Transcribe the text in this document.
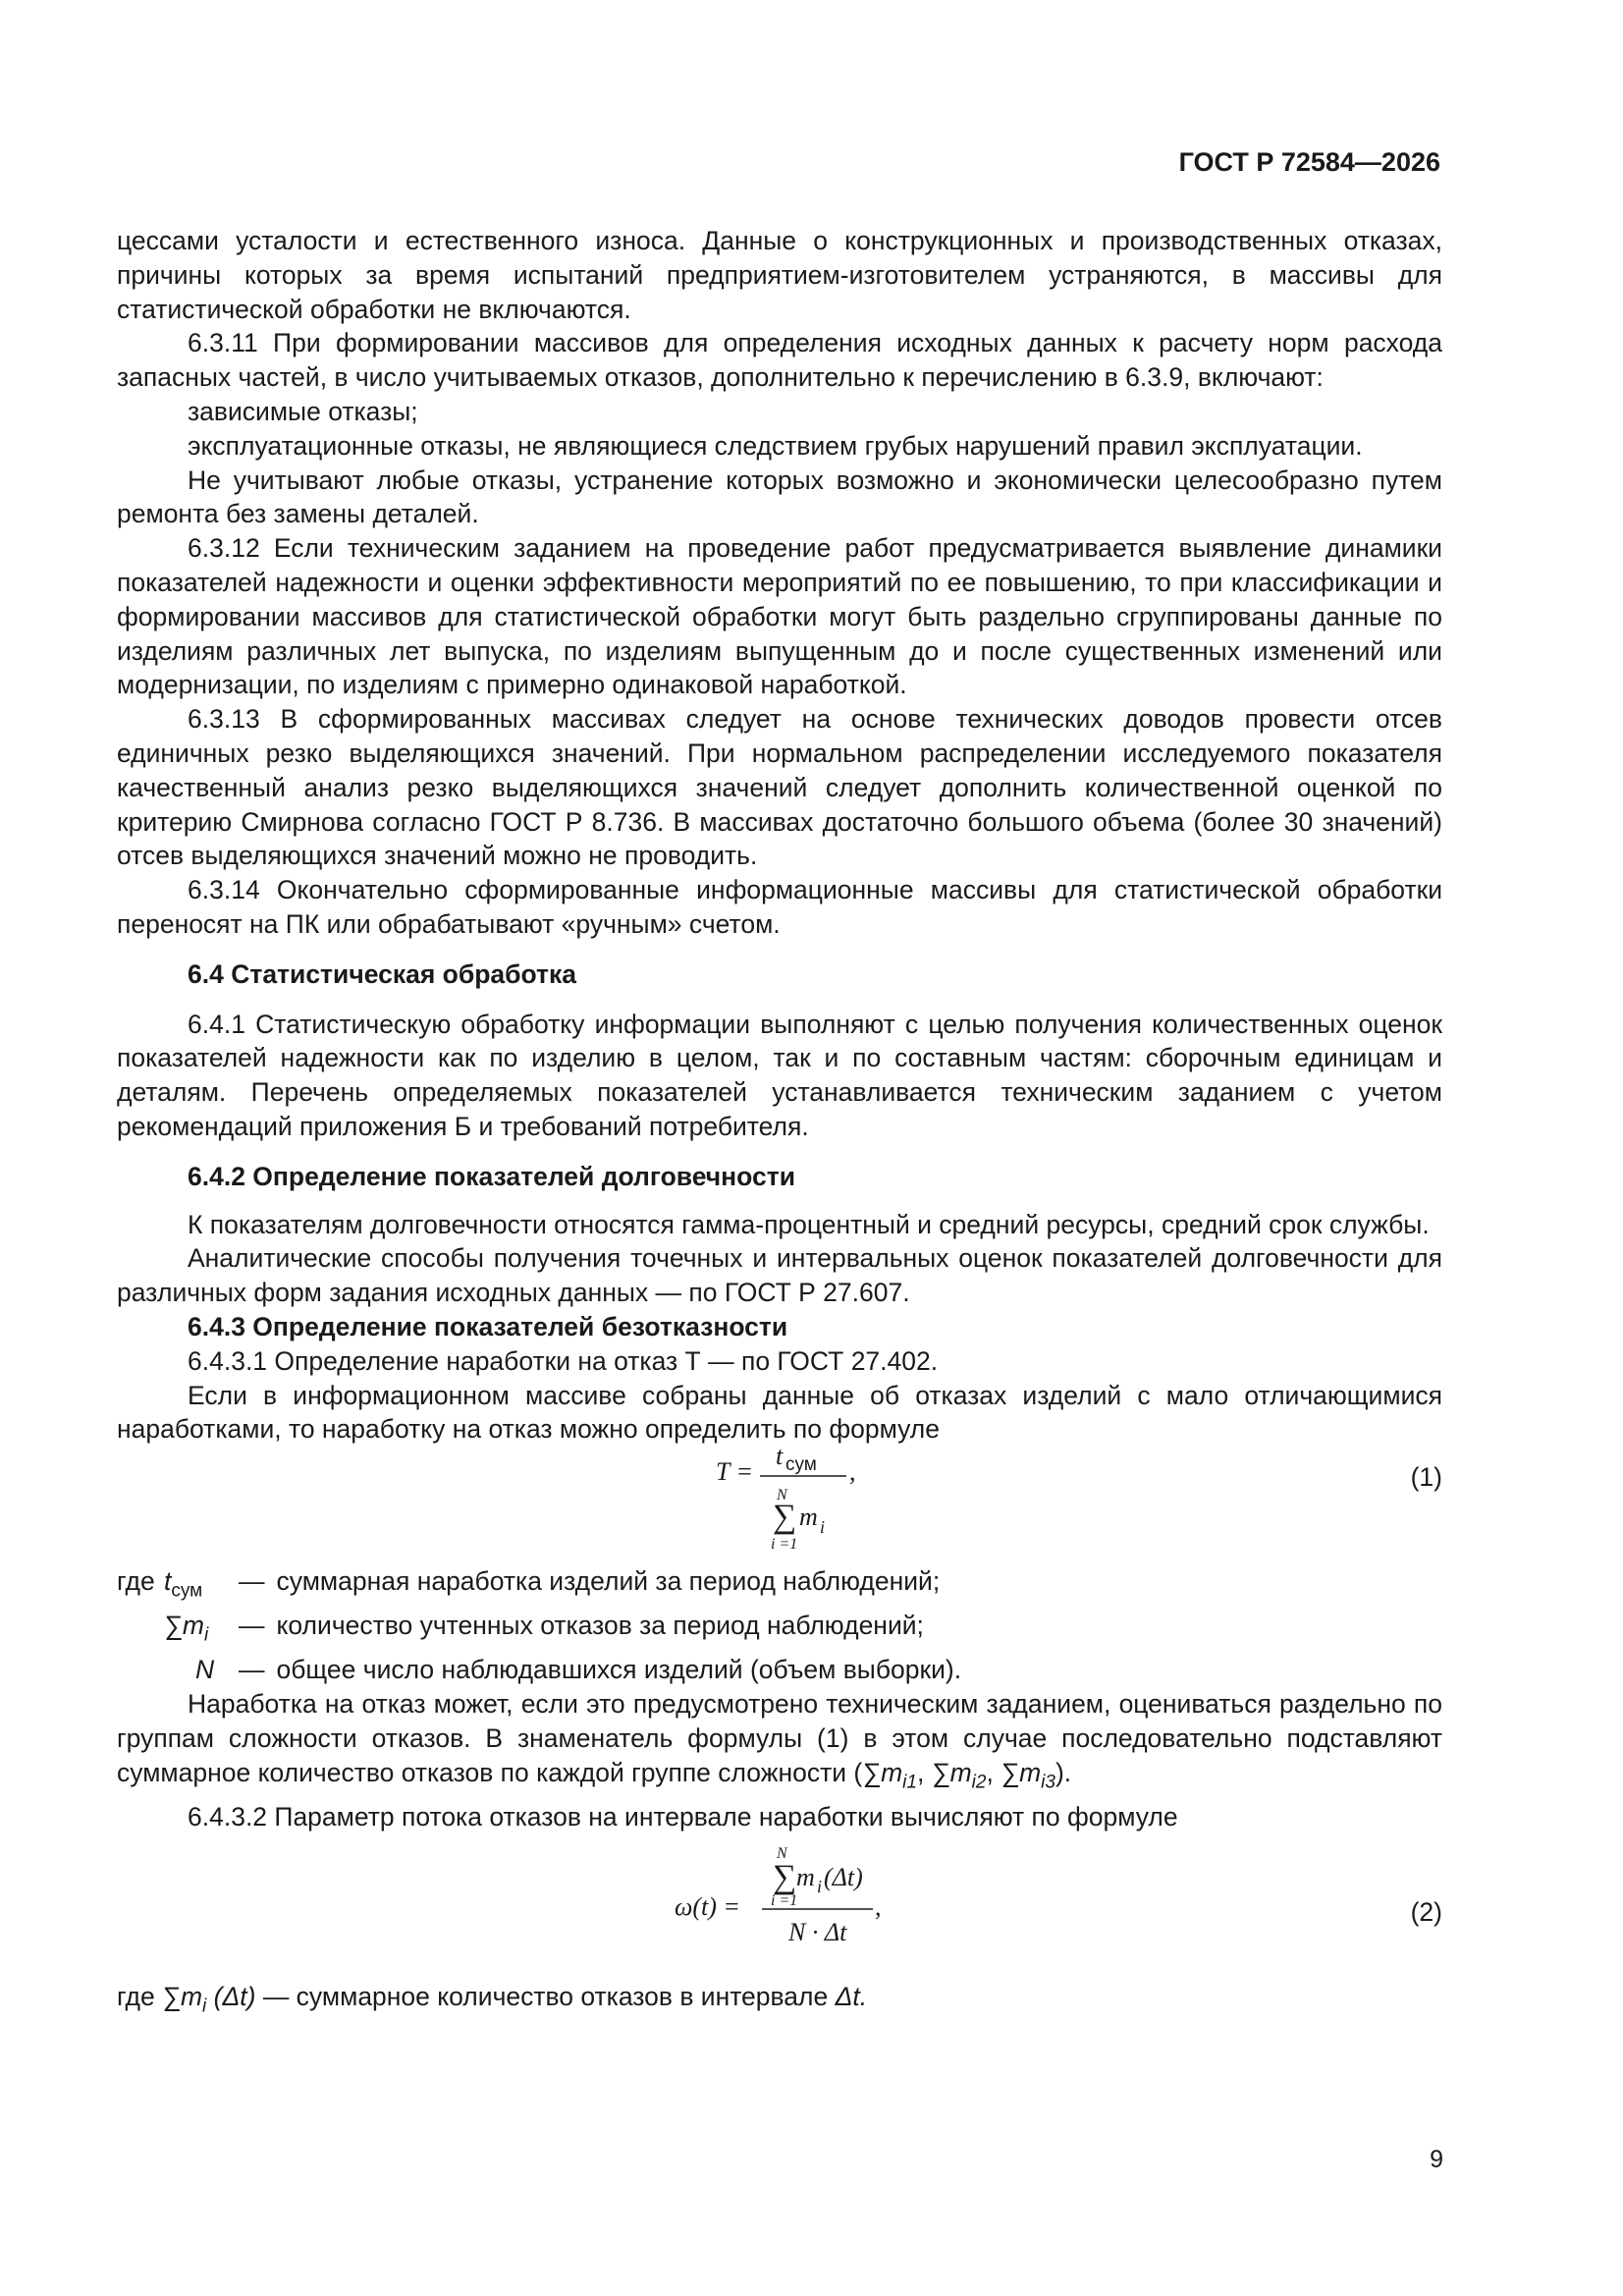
ГОСТ Р 72584—2026

цессами усталости и естественного износа. Данные о конструкционных и производственных отказах, причины которых за время испытаний предприятием-изготовителем устраняются, в массивы для статистической обработки не включаются.

6.3.11 При формировании массивов для определения исходных данных к расчету норм расхода запасных частей, в число учитываемых отказов, дополнительно к перечислению в 6.3.9, включают:

зависимые отказы;

эксплуатационные отказы, не являющиеся следствием грубых нарушений правил эксплуатации.

Не учитывают любые отказы, устранение которых возможно и экономически целесообразно путем ремонта без замены деталей.

6.3.12 Если техническим заданием на проведение работ предусматривается выявление динамики показателей надежности и оценки эффективности мероприятий по ее повышению, то при классификации и формировании массивов для статистической обработки могут быть раздельно сгруппированы данные по изделиям различных лет выпуска, по изделиям выпущенным до и после существенных изменений или модернизации, по изделиям с примерно одинаковой наработкой.

6.3.13 В сформированных массивах следует на основе технических доводов провести отсев единичных резко выделяющихся значений. При нормальном распределении исследуемого показателя качественный анализ резко выделяющихся значений следует дополнить количественной оценкой по критерию Смирнова согласно ГОСТ Р 8.736. В массивах достаточно большого объема (более 30 значений) отсев выделяющихся значений можно не проводить.

6.3.14 Окончательно сформированные информационные массивы для статистической обработки переносят на ПК или обрабатывают «ручным» счетом.

6.4 Статистическая обработка

6.4.1 Статистическую обработку информации выполняют с целью получения количественных оценок показателей надежности как по изделию в целом, так и по составным частям: сборочным единицам и деталям. Перечень определяемых показателей устанавливается техническим заданием с учетом рекомендаций приложения Б и требований потребителя.

6.4.2 Определение показателей долговечности

К показателям долговечности относятся гамма-процентный и средний ресурсы, средний срок службы.

Аналитические способы получения точечных и интервальных оценок показателей долговечности для различных форм задания исходных данных — по ГОСТ Р 27.607.

6.4.3 Определение показателей безотказности

6.4.3.1 Определение наработки на отказ Т — по ГОСТ 27.402.

Если в информационном массиве собраны данные об отказах изделий с мало отличающимися наработками, то наработку на отказ можно определить по формуле

T =
t сум ,
N
∑ m i
i =1
(1)
где $t_{сум}$	— суммарная наработка изделий за период наблюдений;
$\sum m_i$	— количество учтенных отказов за период наблюдений;
N — общее число наблюдавшихся изделий (объем выборки).

Наработка на отказ может, если это предусмотрено техническим заданием, оцениваться раздельно по группам сложности отказов. В знаменатель формулы (1) в этом случае последовательно подставляют суммарное количество отказов по каждой группе сложности ($\sum m_{i1}$, $\sum m_{i2}$, $\sum m_{i3}$).

6.4.3.2 Параметр потока отказов на интервале наработки вычисляют по формуле

N
∑ m i (Δt)
i =1
ω(t) =	,
N · Δt
(2)

где $\sum m_i$ (Δt) — суммарное количество отказов в интервале Δt.

9
